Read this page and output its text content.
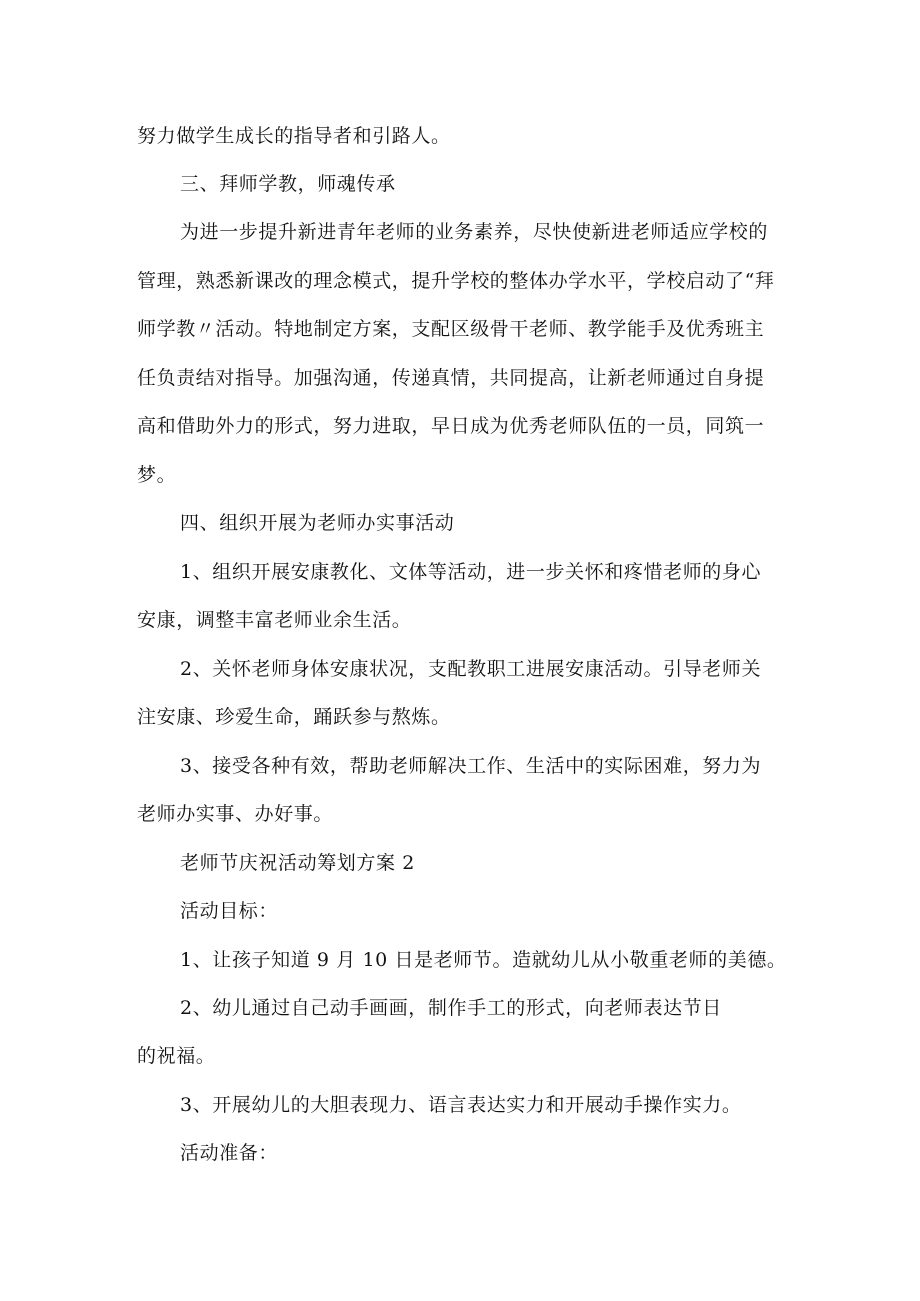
努力做学生成长的指导者和引路人。
三、拜师学教，师魂传承
为进一步提升新进青年老师的业务素养，尽快使新进老师适应学校的
管理，熟悉新课改的理念模式，提升学校的整体办学水平，学校启动了“拜
师学教〃活动。特地制定方案，支配区级骨干老师、教学能手及优秀班主
任负责结对指导。加强沟通，传递真情，共同提高，让新老师通过自身提
高和借助外力的形式，努力进取，早日成为优秀老师队伍的一员，同筑一
梦。
四、组织开展为老师办实事活动
1、组织开展安康教化、文体等活动，进一步关怀和疼惜老师的身心
安康，调整丰富老师业余生活。
2、关怀老师身体安康状况，支配教职工进展安康活动。引导老师关
注安康、珍爱生命，踊跃参与熬炼。
3、接受各种有效，帮助老师解决工作、生活中的实际困难，努力为
老师办实事、办好事。
老师节庆祝活动筹划方案 2
活动目标：
1、让孩子知道 9 月 10 日是老师节。造就幼儿从小敬重老师的美德。
2、幼儿通过自己动手画画，制作手工的形式，向老师表达节日
的祝福。
3、开展幼儿的大胆表现力、语言表达实力和开展动手操作实力。
活动准备：
